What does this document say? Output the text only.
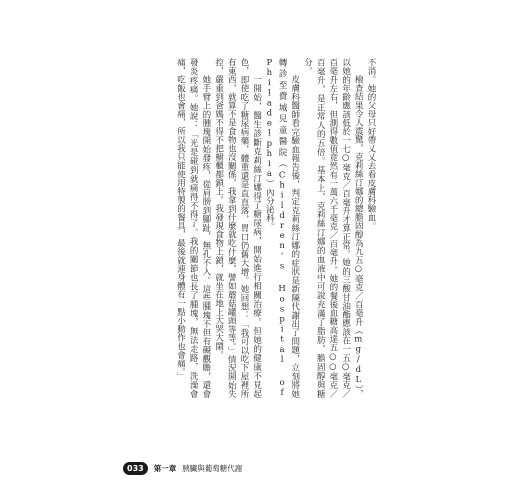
不消。她的父母只好帶乂乂去看皮膚科驗血。

檢查結果令人震驚，克莉絲汀娜的總膽固醇為九五○毫克／百毫升（mg/dL），以她的年齡應該低於一七○毫克／百毫升才算正常。她的三酸甘油酯應該在一五○毫克／百毫升左右，但測得數值竟然有一萬六千毫克／百毫升。她的餐後血糖高達五○○毫克／百毫升，是正常人的五倍。基本上，克莉絲汀娜的血液中可說充滿了脂肪，膽固醇與糖分。

皮膚科醫師看完驗血報告後，判定克莉絲汀娜的症狀是新陳代謝出了問題，立刻將她轉診至費城兒童醫院（Children's Hospital of Philadelphia）內分泌科。

一開始，醫生診斷克莉絲汀娜得了糖尿病，開始進行相關治療。但她的健康不見起色，即使吃了糖尿病藥，體重還是直直落，胃口仍舊大增。她回想：「我可以吃下屋裡所有東西，就算不是食物也沒關係，我拿到什麼就吃什麼，譬如蘑菇罐頭等等。」情況開始失控，嚴重到爸媽不得不把櫥櫃都鎖上。我發現食物上鎖，就坐在地上大哭大鬧。

她手臂上的腫塊開始發疼，從肩膀到腳趾，無孔不入。這些腫塊不但有礙觀瞻，還會發炎疼痛。她說：「光是碰到就痛得不得了。我的關節也長了腫塊，無法走路，洗澡會痛，吃飯也會痛，所以我只能使用特製的餐具，最後就連身體有一點小動作也會痛。」

033	第一章 胰臟與葡萄糖代謝
